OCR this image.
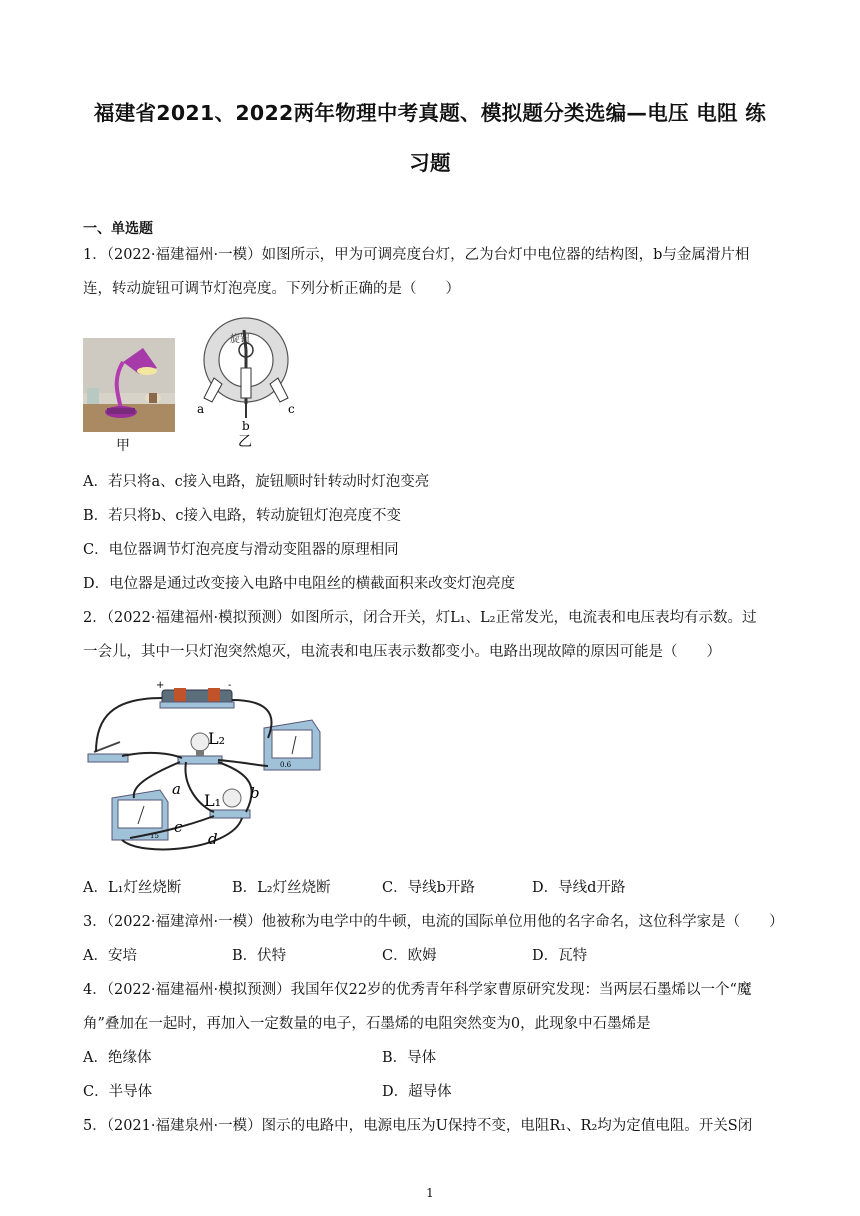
福建省2021、2022两年物理中考真题、模拟题分类选编—电压 电阻 练
习题
一、单选题
1．（2022·福建福州·一模）如图所示，甲为可调亮度台灯，乙为台灯中电位器的结构图，b与金属滑片相
连，转动旋钮可调节灯泡亮度。下列分析正确的是（　　）
甲
旋钮
a
b
c
乙
A．若只将a、c接入电路，旋钮顺时针转动时灯泡变亮
B．若只将b、c接入电路，转动旋钮灯泡亮度不变
C．电位器调节灯泡亮度与滑动变阻器的原理相同
D．电位器是通过改变接入电路中电阻丝的横截面积来改变灯泡亮度
2．（2022·福建福州·模拟预测）如图所示，闭合开关，灯L₁、L₂正常发光，电流表和电压表均有示数。过
一会儿，其中一只灯泡突然熄灭，电流表和电压表示数都变小。电路出现故障的原因可能是（　　）
+	-
L₂
0.6
L₁
15
a	b
c
d
A．L₁灯丝烧断	B．L₂灯丝烧断	C．导线b开路	D．导线d开路
3．（2022·福建漳州·一模）他被称为电学中的牛顿，电流的国际单位用他的名字命名，这位科学家是（　　）
A．安培	B．伏特	C．欧姆	D．瓦特
4．（2022·福建福州·模拟预测）我国年仅22岁的优秀青年科学家曹原研究发现：当两层石墨烯以一个“魔
角”叠加在一起时，再加入一定数量的电子，石墨烯的电阻突然变为0，此现象中石墨烯是
A．绝缘体	B．导体
C．半导体	D．超导体
5．（2021·福建泉州·一模）图示的电路中，电源电压为U保持不变，电阻R₁、R₂均为定值电阻。开关S闭
1
